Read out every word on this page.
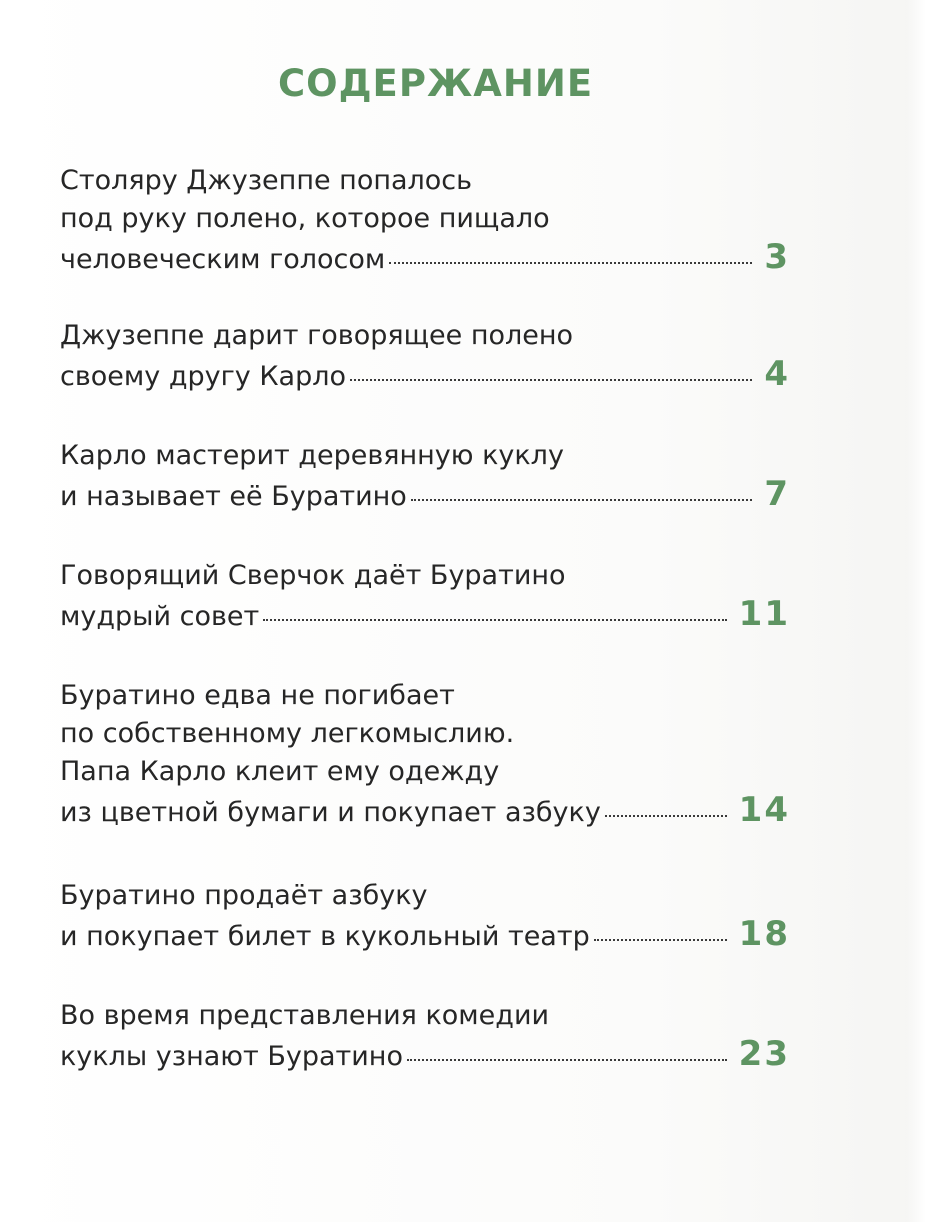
СОДЕРЖАНИЕ
Столяру Джузеппе попалось
под руку полено, которое пищало
человеческим голосом	3
Джузеппе дарит говорящее полено
своему другу Карло	4
Карло мастерит деревянную куклу
и называет её Буратино	7
Говорящий Сверчок даёт Буратино
мудрый совет	11
Буратино едва не погибает
по собственному легкомыслию.
Папа Карло клеит ему одежду
из цветной бумаги и покупает азбуку	14
Буратино продаёт азбуку
и покупает билет в кукольный театр	18
Во время представления комедии
куклы узнают Буратино	23
